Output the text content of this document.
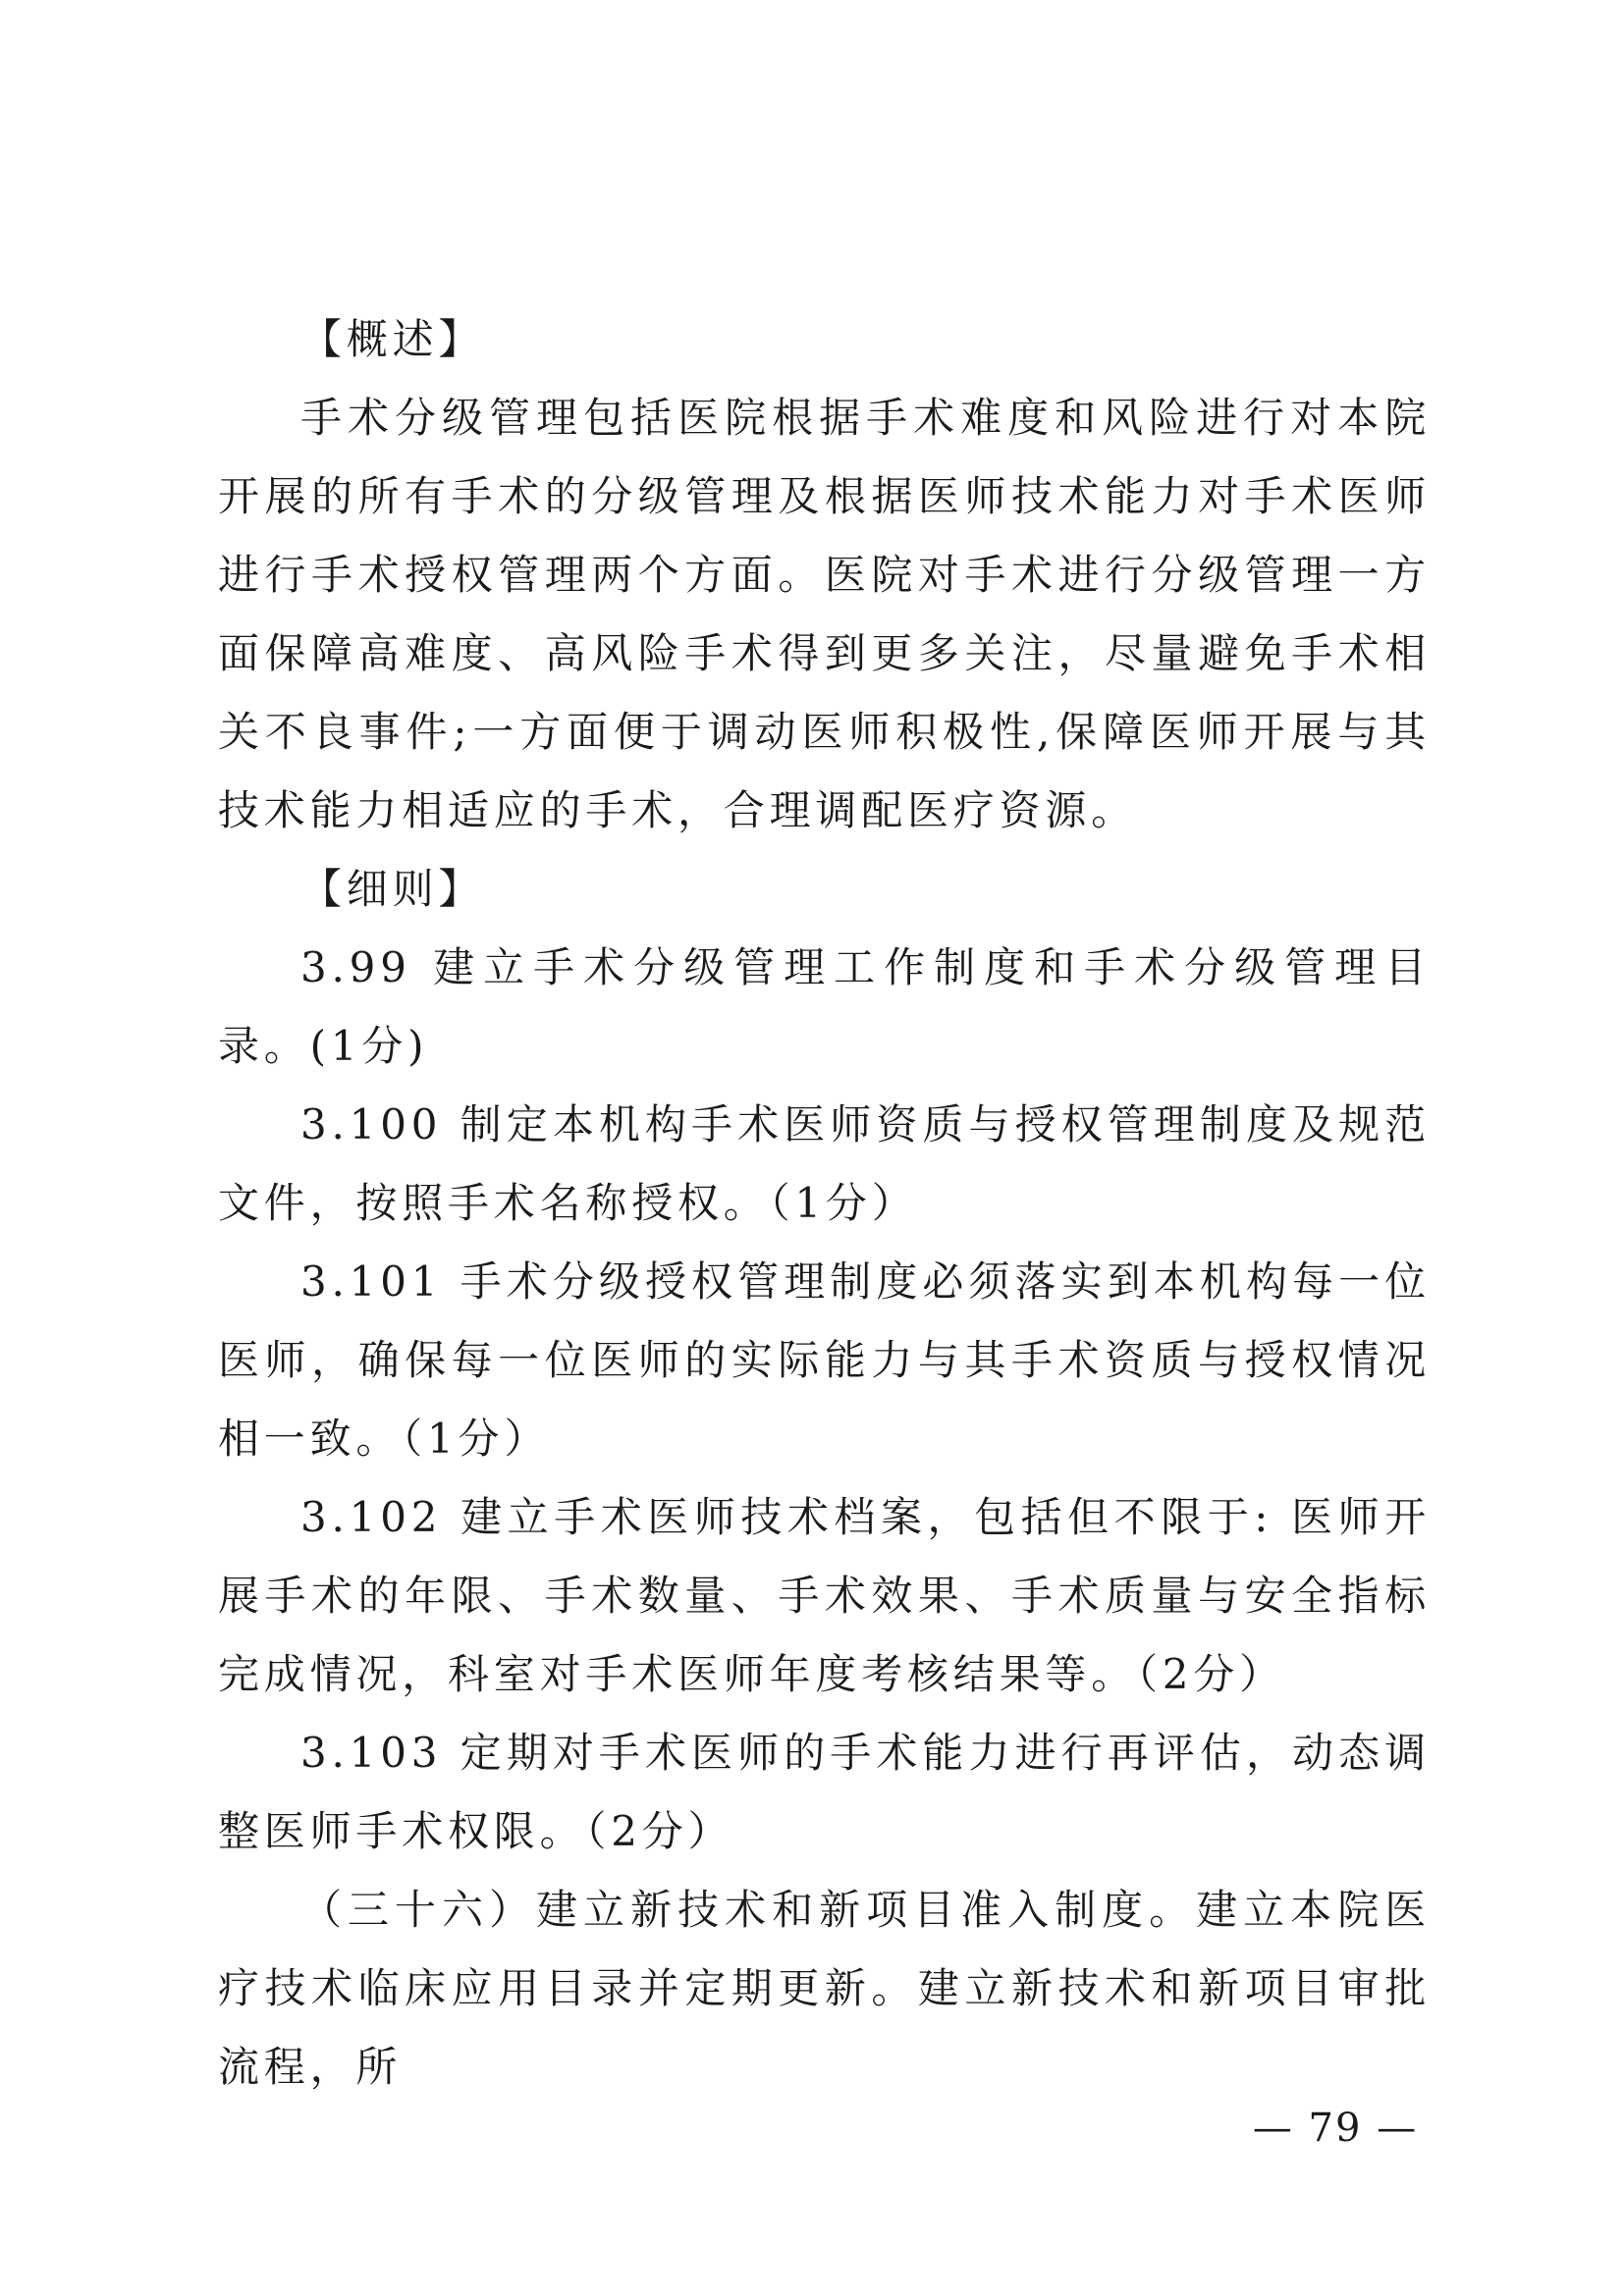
【概述】

手术分级管理包括医院根据手术难度和风险进行对本院开展的所有手术的分级管理及根据医师技术能力对手术医师进行手术授权管理两个方面。医院对手术进行分级管理一方面保障高难度、高风险手术得到更多关注，尽量避免手术相关不良事件;一方面便于调动医师积极性,保障医师开展与其技术能力相适应的手术，合理调配医疗资源。

【细则】

3.99 建立手术分级管理工作制度和手术分级管理目录。(1分)

3.100 制定本机构手术医师资质与授权管理制度及规范文件，按照手术名称授权。（1分）

3.101 手术分级授权管理制度必须落实到本机构每一位医师，确保每一位医师的实际能力与其手术资质与授权情况相一致。（1分）

3.102 建立手术医师技术档案，包括但不限于: 医师开展手术的年限、手术数量、手术效果、手术质量与安全指标完成情况，科室对手术医师年度考核结果等。（2分）

3.103 定期对手术医师的手术能力进行再评估，动态调整医师手术权限。（2分）

（三十六）建立新技术和新项目准入制度。建立本院医疗技术临床应用目录并定期更新。建立新技术和新项目审批流程，所

— 79 —
